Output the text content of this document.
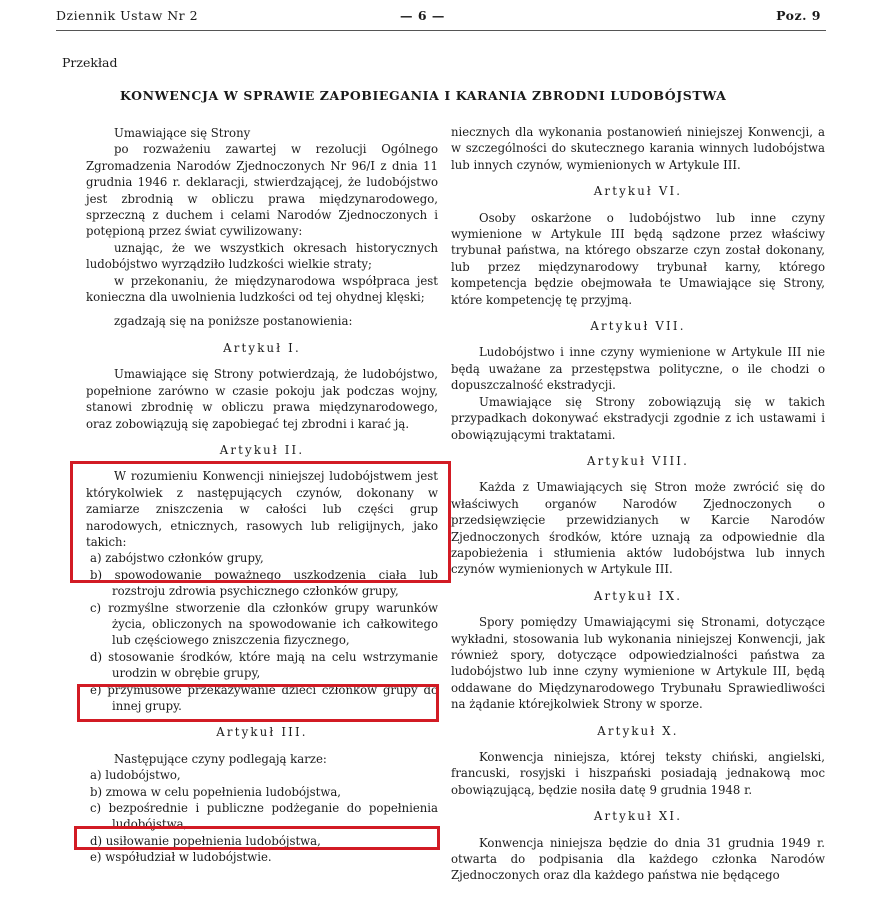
Dziennik Ustaw Nr 2	— 6 —	Poz. 9
Przekład
KONWENCJA W SPRAWIE ZAPOBIEGANIA I KARANIA ZBRODNI LUDOBÓJSTWA

Umawiające się Strony

po rozważeniu zawartej w rezolucji Ogólnego Zgromadzenia Narodów Zjednoczonych Nr 96/I z dnia 11 grudnia 1946 r. deklaracji, stwierdzającej, że ludobójstwo jest zbrodnią w obliczu prawa międzynarodowego, sprzeczną z duchem i celami Narodów Zjednoczonych i potępioną przez świat cywilizowany:

uznając, że we wszystkich okresach historycznych ludobójstwo wyrządziło ludzkości wielkie straty;

w przekonaniu, że międzynarodowa współpraca jest konieczna dla uwolnienia ludzkości od tej ohydnej klęski;

zgadzają się na poniższe postanowienia:

Artykuł I.

Umawiające się Strony potwierdzają, że ludobójstwo, popełnione zarówno w czasie pokoju jak podczas wojny, stanowi zbrodnię w obliczu prawa międzynarodowego, oraz zobowiązują się zapobiegać tej zbrodni i karać ją.

Artykuł II.

W rozumieniu Konwencji niniejszej ludobójstwem jest którykolwiek z następujących czynów, dokonany w zamiarze zniszczenia w całości lub części grup narodowych, etnicznych, rasowych lub religijnych, jako takich:

a) zabójstwo członków grupy,

b) spowodowanie poważnego uszkodzenia ciała lub rozstroju zdrowia psychicznego członków grupy,

c) rozmyślne stworzenie dla członków grupy warunków życia, obliczonych na spowodowanie ich całkowitego lub częściowego zniszczenia fizycznego,

d) stosowanie środków, które mają na celu wstrzymanie urodzin w obrębie grupy,

e) przymusowe przekazywanie dzieci członków grupy do innej grupy.

Artykuł III.

Następujące czyny podlegają karze:

a) ludobójstwo,

b) zmowa w celu popełnienia ludobójstwa,

c) bezpośrednie i publiczne podżeganie do popełnienia ludobójstwa,

d) usiłowanie popełnienia ludobójstwa,

e) współudział w ludobójstwie.

niecznych dla wykonania postanowień niniejszej Konwencji, a w szczególności do skutecznego karania winnych ludobójstwa lub innych czynów, wymienionych w Artykule III.

Artykuł VI.

Osoby oskarżone o ludobójstwo lub inne czyny wymienione w Artykule III będą sądzone przez właściwy trybunał państwa, na którego obszarze czyn został dokonany, lub przez międzynarodowy trybunał karny, którego kompetencja będzie obejmowała te Umawiające się Strony, które kompetencję tę przyjmą.

Artykuł VII.

Ludobójstwo i inne czyny wymienione w Artykule III nie będą uważane za przestępstwa polityczne, o ile chodzi o dopuszczalność ekstradycji.

Umawiające się Strony zobowiązują się w takich przypadkach dokonywać ekstradycji zgodnie z ich ustawami i obowiązującymi traktatami.

Artykuł VIII.

Każda z Umawiających się Stron może zwrócić się do właściwych organów Narodów Zjednoczonych o przedsięwzięcie przewidzianych w Karcie Narodów Zjednoczonych środków, które uznają za odpowiednie dla zapobieżenia i stłumienia aktów ludobójstwa lub innych czynów wymienionych w Artykule III.

Artykuł IX.

Spory pomiędzy Umawiającymi się Stronami, dotyczące wykładni, stosowania lub wykonania niniejszej Konwencji, jak również spory, dotyczące odpowiedzialności państwa za ludobójstwo lub inne czyny wymienione w Artykule III, będą oddawane do Międzynarodowego Trybunału Sprawiedliwości na żądanie którejkolwiek Strony w sporze.

Artykuł X.

Konwencja niniejsza, której teksty chiński, angielski, francuski, rosyjski i hiszpański posiadają jednakową moc obowiązującą, będzie nosiła datę 9 grudnia 1948 r.

Artykuł XI.

Konwencja niniejsza będzie do dnia 31 grudnia 1949 r. otwarta do podpisania dla każdego członka Narodów Zjednoczonych oraz dla każdego państwa nie będącego
